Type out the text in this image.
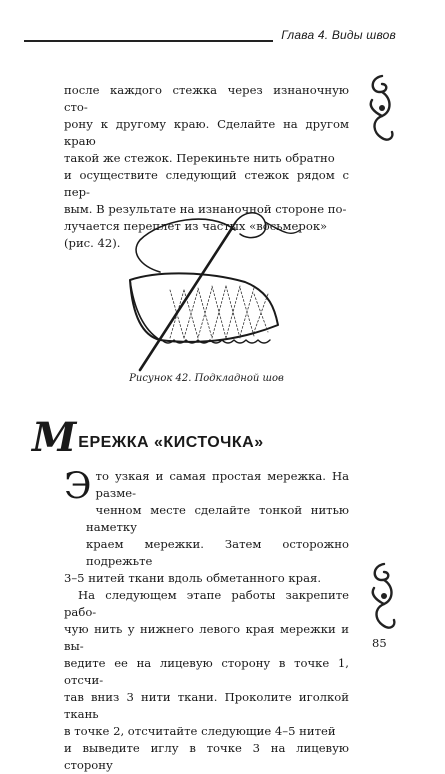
Глава 4. Виды швов

после каждого стежка через изнаночную сто-

рону к другому краю. Сделайте на другом краю

такой же стежок. Перекиньте нить обратно

и осуществите следующий стежок рядом с пер-

вым. В результате на изнаночной стороне по-

лучается переплет из частых «восьмерок»

(рис. 42).

Рисунок 42. Подкладной шов
М ЕРЕЖКА «КИСТОЧКА»

Э то узкая и самая простая мережка. На разме-

ченном месте сделайте тонкой нитью наметку

краем мережки. Затем осторожно подрежьте

3–5 нитей ткани вдоль обметанного края.

На следующем этапе работы закрепите рабо-

чую нить у нижнего левого края мережки и вы-

ведите ее на лицевую сторону в точке 1, отсчи-

тав вниз 3 нити ткани. Проколите иголкой ткань

в точке 2, отсчитайте следующие 4–5 нитей

и выведите иглу в точке 3 на лицевую сторону

85
